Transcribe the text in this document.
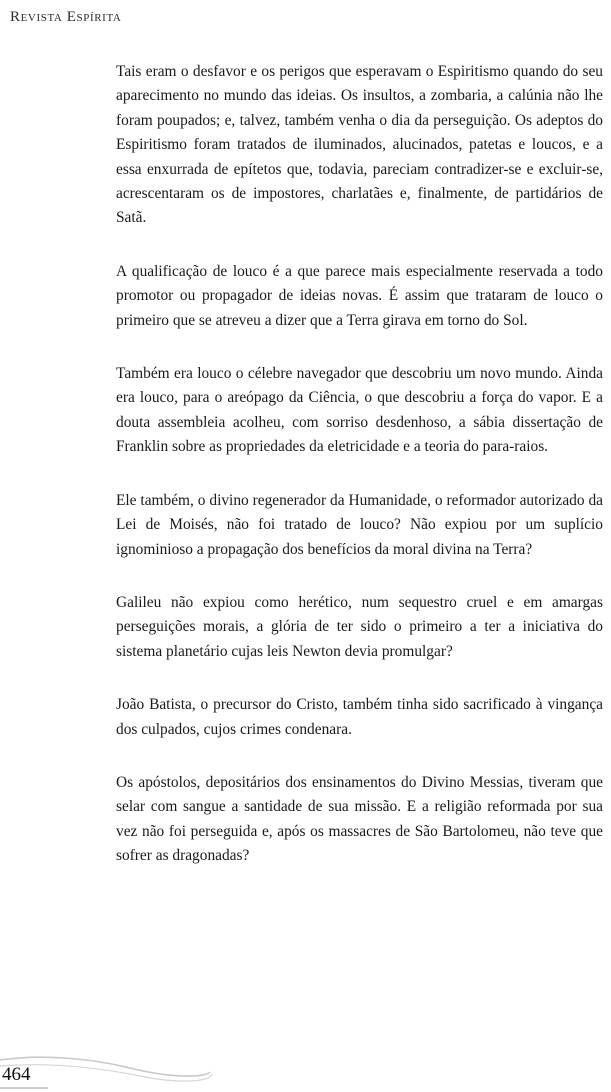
Revista Espírita

Tais eram o desfavor e os perigos que esperavam o Espiritismo quando do seu aparecimento no mundo das ideias. Os insultos, a zombaria, a calúnia não lhe foram poupados; e, talvez, também venha o dia da perseguição. Os adeptos do Espiritismo foram tratados de iluminados, alucinados, patetas e loucos, e a essa enxurrada de epítetos que, todavia, pareciam contradizer-se e excluir-se, acrescentaram os de impostores, charlatães e, finalmente, de partidários de Satã.

A qualificação de louco é a que parece mais especialmente reservada a todo promotor ou propagador de ideias novas. É assim que trataram de louco o primeiro que se atreveu a dizer que a Terra girava em torno do Sol.

Também era louco o célebre navegador que descobriu um novo mundo. Ainda era louco, para o areópago da Ciência, o que descobriu a força do vapor. E a douta assembleia acolheu, com sorriso desdenhoso, a sábia dissertação de Franklin sobre as propriedades da eletricidade e a teoria do para-raios.

Ele também, o divino regenerador da Humanidade, o reformador autorizado da Lei de Moisés, não foi tratado de louco? Não expiou por um suplício ignominioso a propagação dos benefícios da moral divina na Terra?

Galileu não expiou como herético, num sequestro cruel e em amargas perseguições morais, a glória de ter sido o primeiro a ter a iniciativa do sistema planetário cujas leis Newton devia promulgar?

João Batista, o precursor do Cristo, também tinha sido sacrificado à vingança dos culpados, cujos crimes condenara.

Os apóstolos, depositários dos ensinamentos do Divino Messias, tiveram que selar com sangue a santidade de sua missão. E a religião reformada por sua vez não foi perseguida e, após os massacres de São Bartolomeu, não teve que sofrer as dragonadas?

464
